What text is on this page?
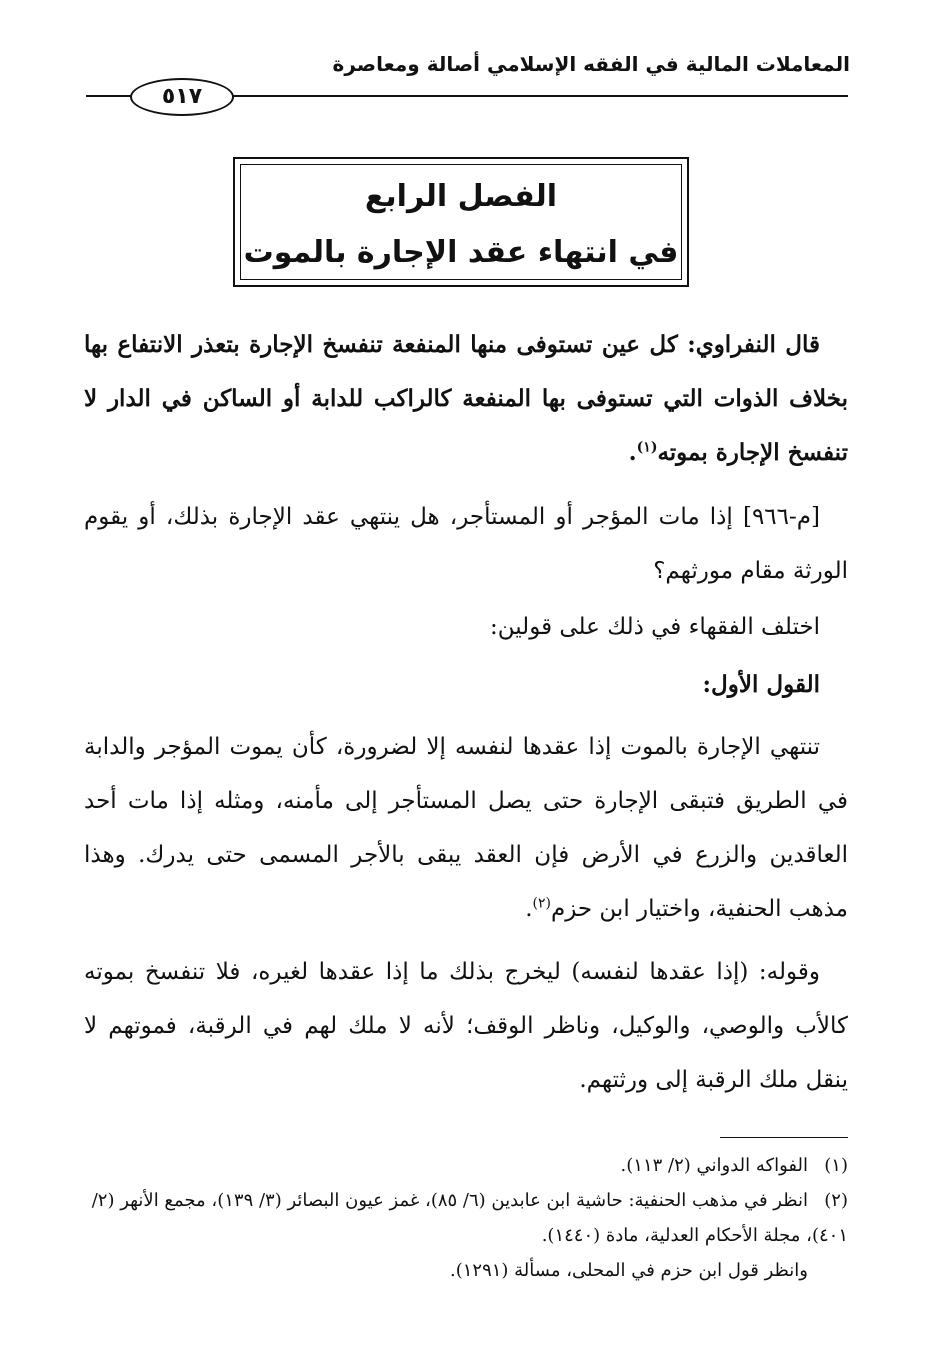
المعاملات المالية في الفقه الإسلامي أصالة ومعاصرة
٥١٧
الفصل الرابع
في انتهاء عقد الإجارة بالموت

قال النفراوي: كل عين تستوفى منها المنفعة تنفسخ الإجارة بتعذر الانتفاع بها بخلاف الذوات التي تستوفى بها المنفعة كالراكب للدابة أو الساكن في الدار لا تنفسخ الإجارة بموته$^{(١)}$.

[م-٩٦٦] إذا مات المؤجر أو المستأجر، هل ينتهي عقد الإجارة بذلك، أو يقوم الورثة مقام مورثهم؟

اختلف الفقهاء في ذلك على قولين:

القول الأول:

تنتهي الإجارة بالموت إذا عقدها لنفسه إلا لضرورة، كأن يموت المؤجر والدابة في الطريق فتبقى الإجارة حتى يصل المستأجر إلى مأمنه، ومثله إذا مات أحد العاقدين والزرع في الأرض فإن العقد يبقى بالأجر المسمى حتى يدرك. وهذا مذهب الحنفية، واختيار ابن حزم$^{(٢)}$.

وقوله: (إذا عقدها لنفسه) ليخرج بذلك ما إذا عقدها لغيره، فلا تنفسخ بموته كالأب والوصي، والوكيل، وناظر الوقف؛ لأنه لا ملك لهم في الرقبة، فموتهم لا ينقل ملك الرقبة إلى ورثتهم.

(١)الفواكه الدواني (٢/ ١١٣).

(٢)انظر في مذهب الحنفية: حاشية ابن عابدين (٦/ ٨٥)، غمز عيون البصائر (٣/ ١٣٩)، مجمع الأنهر (٢/ ٤٠١)، مجلة الأحكام العدلية، مادة (١٤٤٠).

وانظر قول ابن حزم في المحلى، مسألة (١٢٩١).
